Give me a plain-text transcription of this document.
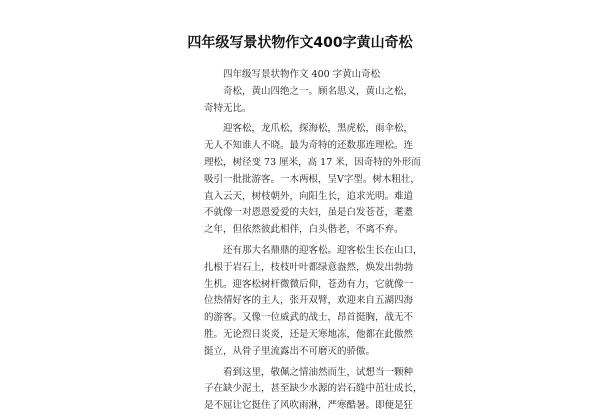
四年级写景状物作文400字黄山奇松
四年级写景状物作文 400 字黄山奇松
奇松，黄山四绝之一。顾名思义，黄山之松，
奇特无比。
迎客松，龙爪松，探海松，黑虎松，雨伞松，
无人不知谁人不晓。最为奇特的还数那连理松。连
理松，树径变 73 厘米，高 17 米，因奇特的外形而
吸引一批批游客。一木两根，呈Ⅴ字型。树木粗壮，
直入云天，树枝朝外，向阳生长，追求光明。难道
不就像一对恩恩爱爱的夫妇，虽是白发苍苍，耄耋
之年，但依然彼此相伴，白头偕老，不离不弃。
还有那大名鼎鼎的迎客松。迎客松生长在山口，
扎根于岩石上，枝枝叶叶都绿意盎然，焕发出勃勃
生机。迎客松树杆微微后仰，苍劲有力，它就像一
位热情好客的主人，张开双臂，欢迎来自五湖四海
的游客。又像一位威武的战士，昂首挺胸，战无不
胜。无论烈日炎炎，还是天寒地冻，他都在此傲然
挺立，从骨子里流露出不可磨灭的骄傲。
看到这里，敬佩之情油然而生，试想当一颗种
子在缺少泥土，甚至缺少水源的岩石缝中茁壮成长，
是不屈让它挺住了风吹雨淋，严寒酷暑。即便是狂
